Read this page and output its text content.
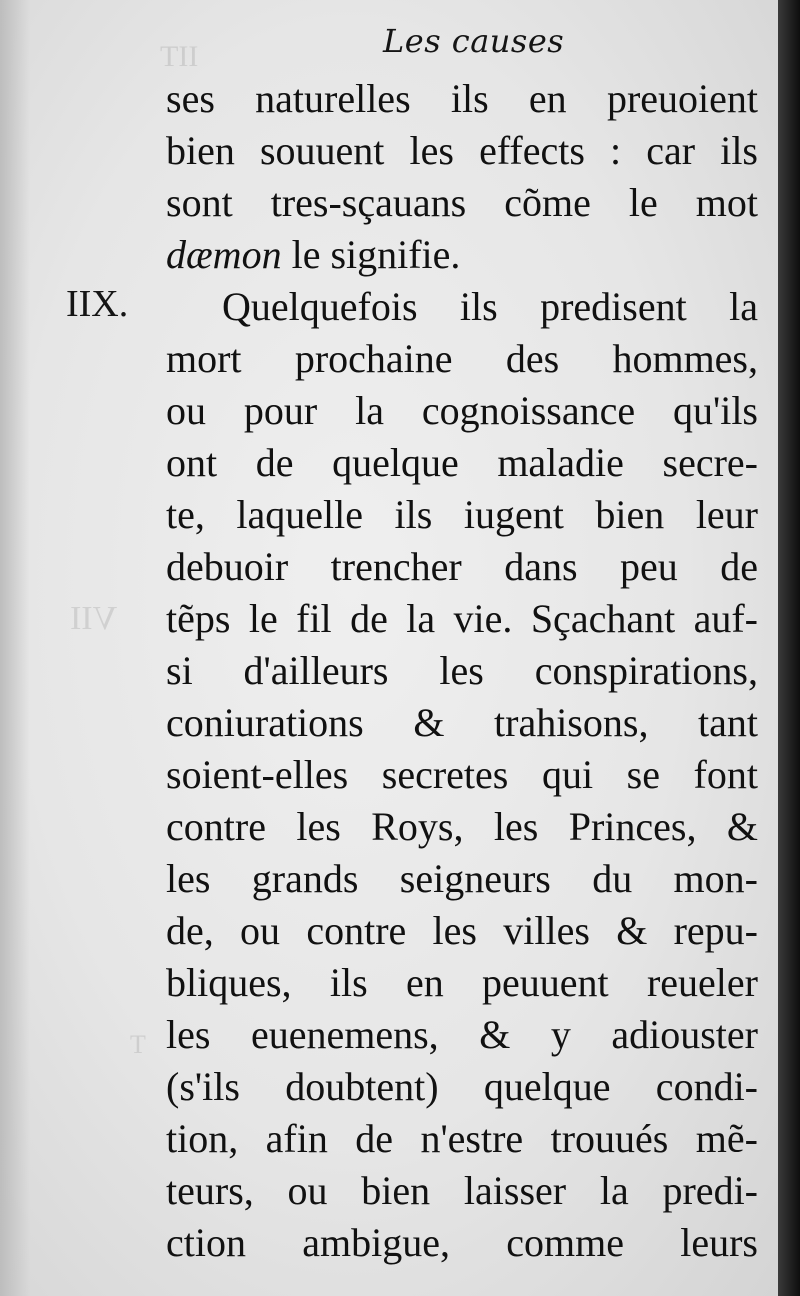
IIT
VII
T
Les causes
IIX.
ses naturelles ils en preuoient
bien souuent les effects : car ils
sont tres-sçauans cõme le mot
dæmon le signifie.
Quelquefois ils predisent la
mort prochaine des hommes,
ou pour la cognoissance qu'ils
ont de quelque maladie secre-
te, laquelle ils iugent bien leur
debuoir trencher dans peu de
tẽps le fil de la vie. Sçachant auf-
si d'ailleurs les conspirations,
coniurations & trahisons, tant
soient-elles secretes qui se font
contre les Roys, les Princes, &
les grands seigneurs du mon-
de, ou contre les villes & repu-
bliques, ils en peuuent reueler
les euenemens, & y adiouster
(s'ils doubtent) quelque condi-
tion, afin de n'estre trouués mẽ-
teurs, ou bien laisser la predi-
ction ambigue, comme leurs
